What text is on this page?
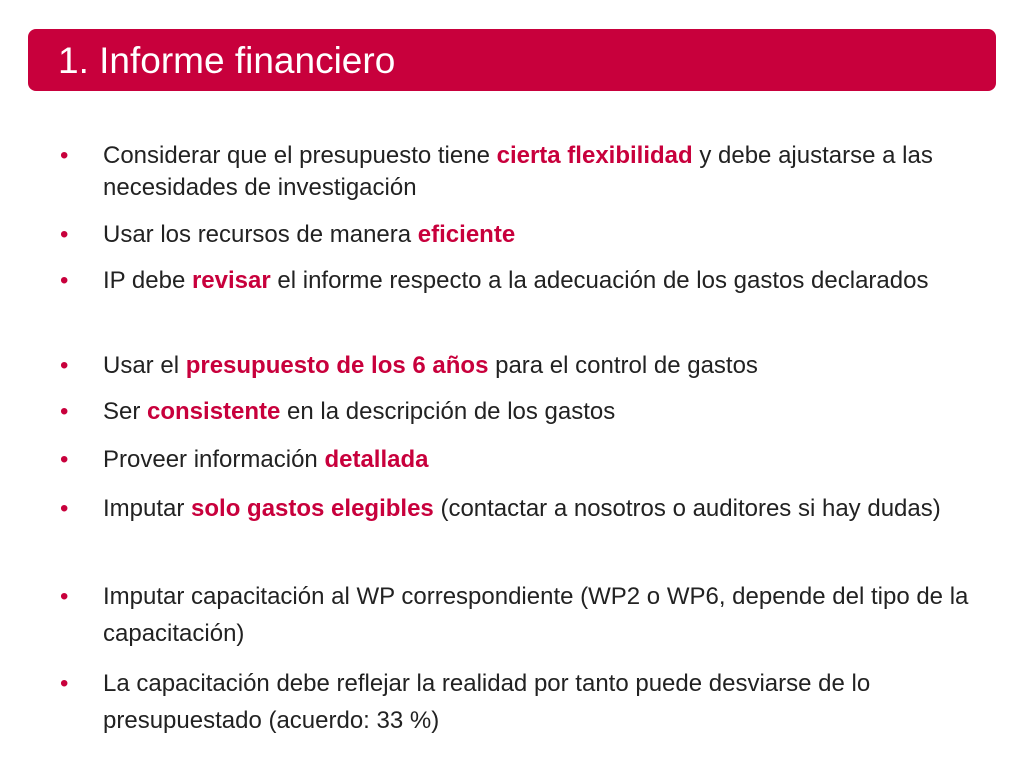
1. Informe financiero
• Considerar que el presupuesto tiene cierta flexibilidad y debe ajustarse a las necesidades de investigación
• Usar los recursos de manera eficiente
• IP debe revisar el informe respecto a la adecuación de los gastos declarados
• Usar el presupuesto de los 6 años para el control de gastos
• Ser consistente en la descripción de los gastos
• Proveer información detallada
• Imputar solo gastos elegibles (contactar a nosotros o auditores si hay dudas)
• Imputar capacitación al WP correspondiente (WP2 o WP6, depende del tipo de la capacitación)
• La capacitación debe reflejar la realidad por tanto puede desviarse de lo presupuestado (acuerdo: 33 %)
